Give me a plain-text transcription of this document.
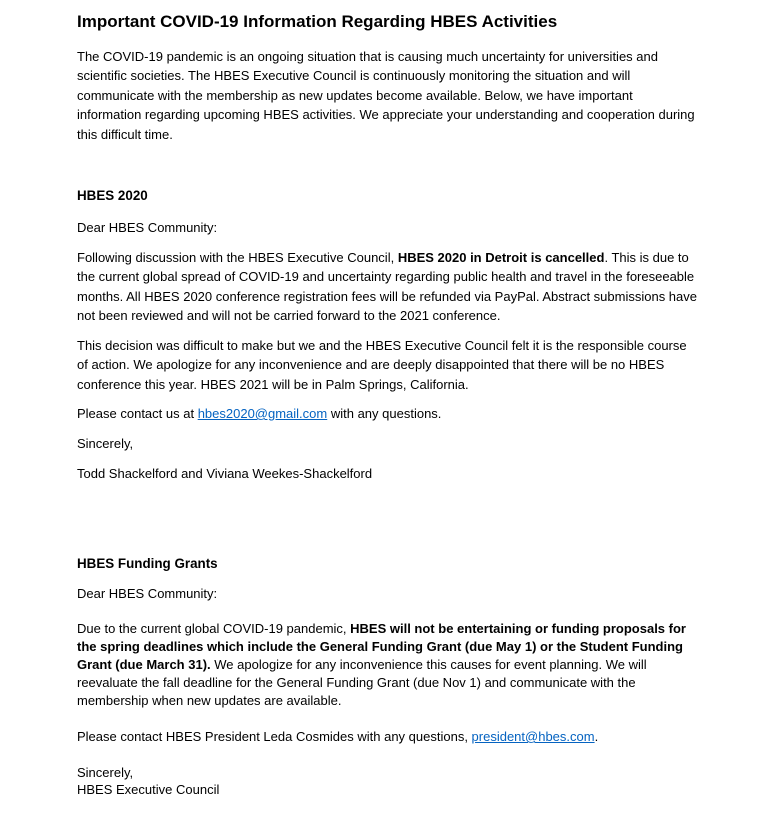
Important COVID-19 Information Regarding HBES Activities
The COVID-19 pandemic is an ongoing situation that is causing much uncertainty for universities and scientific societies. The HBES Executive Council is continuously monitoring the situation and will communicate with the membership as new updates become available. Below, we have important information regarding upcoming HBES activities. We appreciate your understanding and cooperation during this difficult time.
HBES 2020
Dear HBES Community:
Following discussion with the HBES Executive Council, HBES 2020 in Detroit is cancelled. This is due to the current global spread of COVID-19 and uncertainty regarding public health and travel in the foreseeable months. All HBES 2020 conference registration fees will be refunded via PayPal. Abstract submissions have not been reviewed and will not be carried forward to the 2021 conference.
This decision was difficult to make but we and the HBES Executive Council felt it is the responsible course of action. We apologize for any inconvenience and are deeply disappointed that there will be no HBES conference this year. HBES 2021 will be in Palm Springs, California.
Please contact us at hbes2020@gmail.com with any questions.
Sincerely,
Todd Shackelford and Viviana Weekes-Shackelford
HBES Funding Grants
Dear HBES Community:
Due to the current global COVID-19 pandemic, HBES will not be entertaining or funding proposals for the spring deadlines which include the General Funding Grant (due May 1) or the Student Funding Grant (due March 31). We apologize for any inconvenience this causes for event planning. We will reevaluate the fall deadline for the General Funding Grant (due Nov 1) and communicate with the membership when new updates are available.
Please contact HBES President Leda Cosmides with any questions, president@hbes.com.
Sincerely,
HBES Executive Council
